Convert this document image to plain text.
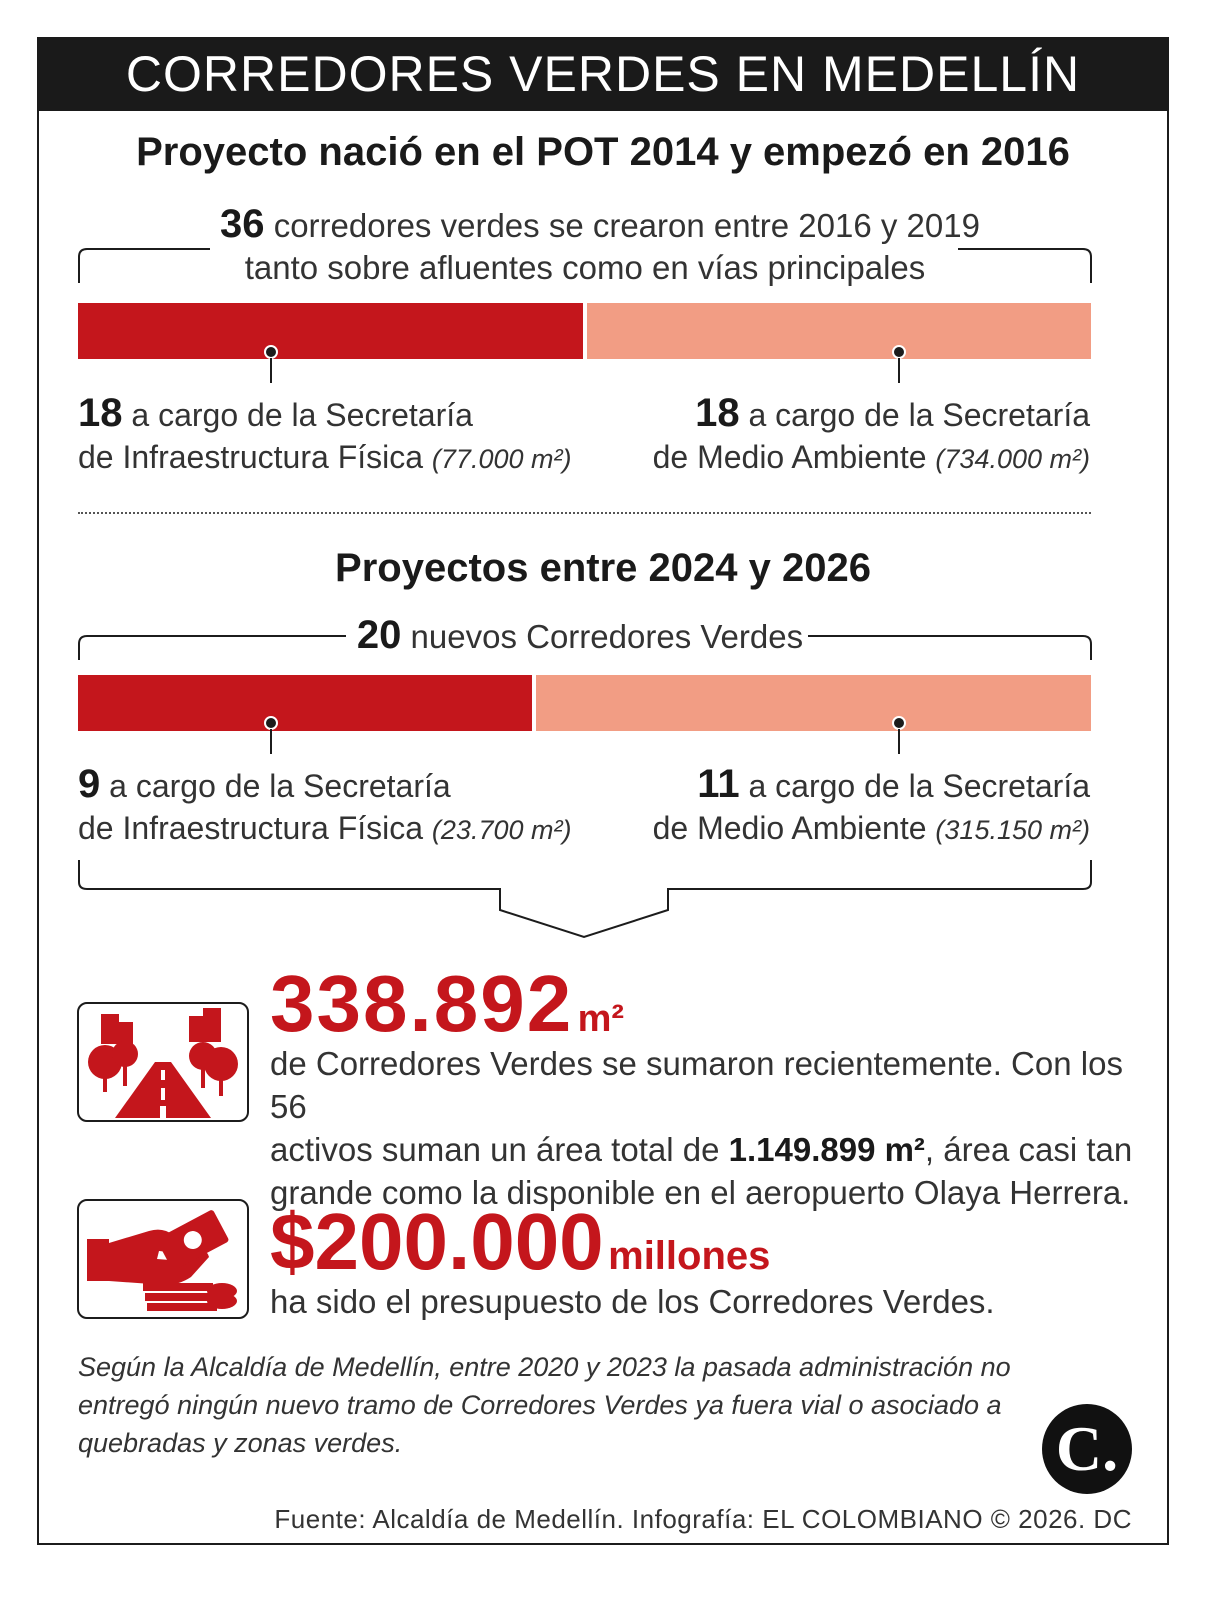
CORREDORES VERDES EN MEDELLÍN
Proyecto nació en el POT 2014 y empezó en 2016
36 corredores verdes se crearon entre 2016 y 2019
tanto sobre afluentes como en vías principales
18 a cargo de la Secretaría
de Infraestructura Física (77.000 m²)
18 a cargo de la Secretaría
de Medio Ambiente (734.000 m²)
Proyectos entre 2024 y 2026
20 nuevos Corredores Verdes
9 a cargo de la Secretaría
de Infraestructura Física (23.700 m²)
11 a cargo de la Secretaría
de Medio Ambiente (315.150 m²)
338.892 m²
de Corredores Verdes se sumaron recientemente. Con los 56
activos suman un área total de 1.149.899 m², área casi tan
grande como la disponible en el aeropuerto Olaya Herrera.
$200.000 millones
ha sido el presupuesto de los Corredores Verdes.
Según la Alcaldía de Medellín, entre 2020 y 2023 la pasada administración no
entregó ningún nuevo tramo de Corredores Verdes ya fuera vial o asociado a
quebradas y zonas verdes.	C.
Fuente: Alcaldía de Medellín. Infografía: EL COLOMBIANO © 2026. DC
